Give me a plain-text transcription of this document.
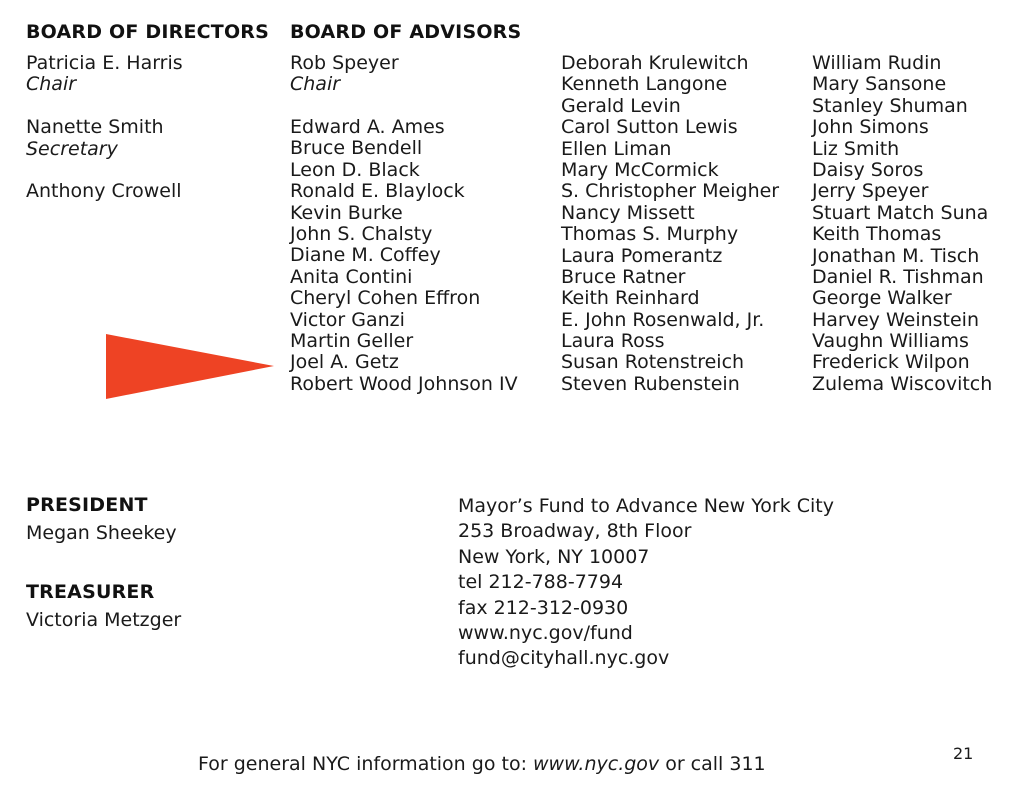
BOARD OF DIRECTORS
Patricia E. Harris
Chair
Nanette Smith
Secretary
Anthony Crowell
BOARD OF ADVISORS
Rob Speyer
Chair
Edward A. Ames
Bruce Bendell
Leon D. Black
Ronald E. Blaylock
Kevin Burke
John S. Chalsty
Diane M. Coffey
Anita Contini
Cheryl Cohen Effron
Victor Ganzi
Martin Geller
Joel A. Getz
Robert Wood Johnson IV
Deborah Krulewitch
Kenneth Langone
Gerald Levin
Carol Sutton Lewis
Ellen Liman
Mary McCormick
S. Christopher Meigher
Nancy Missett
Thomas S. Murphy
Laura Pomerantz
Bruce Ratner
Keith Reinhard
E. John Rosenwald, Jr.
Laura Ross
Susan Rotenstreich
Steven Rubenstein
William Rudin
Mary Sansone
Stanley Shuman
John Simons
Liz Smith
Daisy Soros
Jerry Speyer
Stuart Match Suna
Keith Thomas
Jonathan M. Tisch
Daniel R. Tishman
George Walker
Harvey Weinstein
Vaughn Williams
Frederick Wilpon
Zulema Wiscovitch
PRESIDENT
Megan Sheekey
TREASURER
Victoria Metzger
Mayor’s Fund to Advance New York City
253 Broadway, 8th Floor
New York, NY 10007
tel 212-788-7794
fax 212-312-0930
www.nyc.gov/fund
fund@cityhall.nyc.gov
For general NYC information go to: www.nyc.gov or call 311	21
